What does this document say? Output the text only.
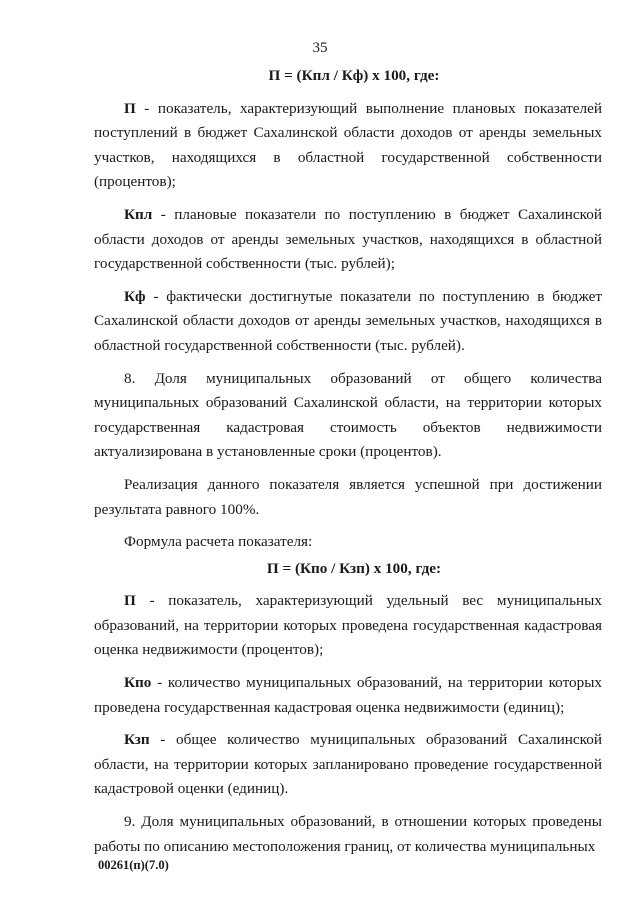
35
П = (Кпл / Кф) х 100, где:

П - показатель, характеризующий выполнение плановых показателей поступлений в бюджет Сахалинской области доходов от аренды земельных участков, находящихся в областной государственной собственности (процентов);

Кпл - плановые показатели по поступлению в бюджет Сахалинской области доходов от аренды земельных участков, находящихся в областной государственной собственности (тыс. рублей);

Кф - фактически достигнутые показатели по поступлению в бюджет Сахалинской области доходов от аренды земельных участков, находящихся в областной государственной собственности (тыс. рублей).

8. Доля муниципальных образований от общего количества муниципальных образований Сахалинской области, на территории которых государственная кадастровая стоимость объектов недвижимости актуализирована в установленные сроки (процентов).

Реализация данного показателя является успешной при достижении результата равного 100%.

Формула расчета показателя:

П = (Кпо / Кзп) х 100, где:

П - показатель, характеризующий удельный вес муниципальных образований, на территории которых проведена государственная кадастровая оценка недвижимости (процентов);

Кпо - количество муниципальных образований, на территории которых проведена государственная кадастровая оценка недвижимости (единиц);

Кзп - общее количество муниципальных образований Сахалинской области, на территории которых запланировано проведение государственной кадастровой оценки (единиц).

9. Доля муниципальных образований, в отношении которых проведены работы по описанию местоположения границ, от количества муниципальных

00261(п)(7.0)
